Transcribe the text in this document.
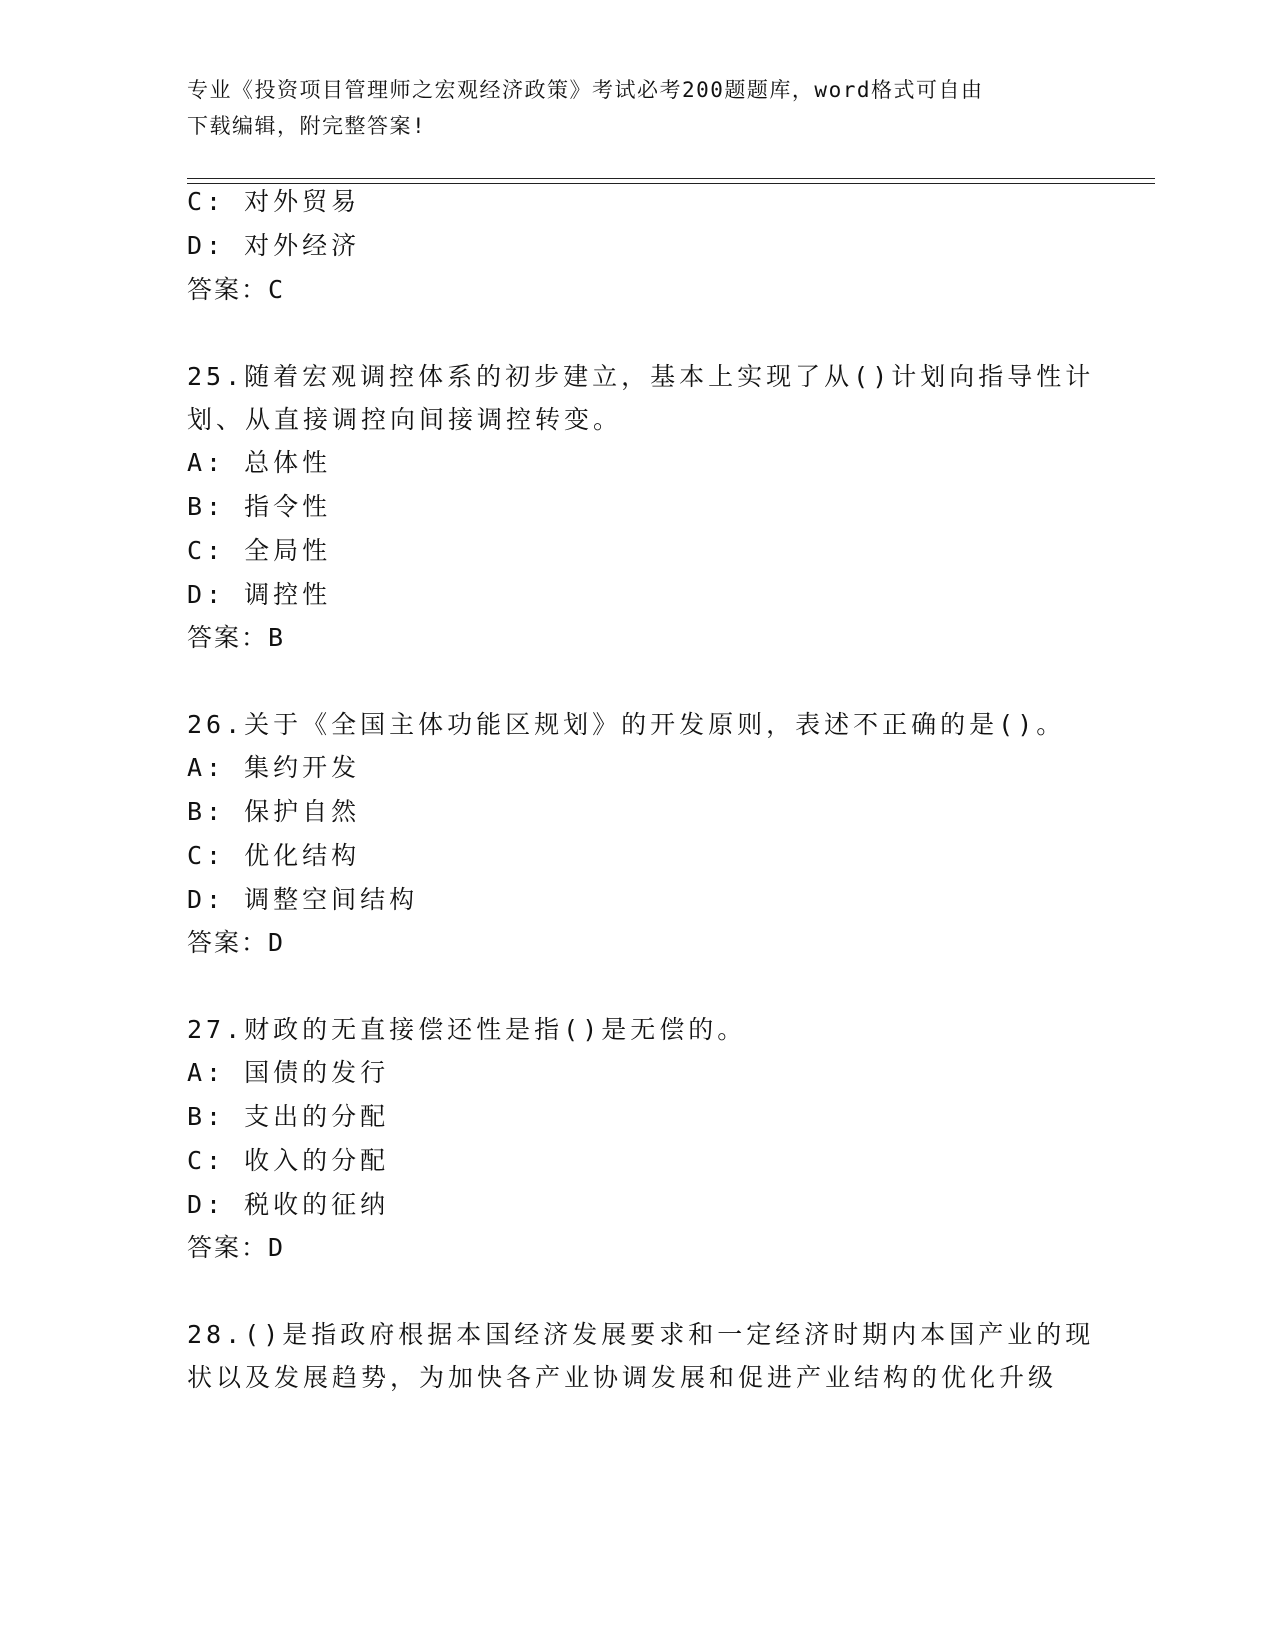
专业《投资项目管理师之宏观经济政策》考试必考200题题库，word格式可自由
下载编辑，附完整答案!
C: 对外贸易
D: 对外经济
答案：C
25.随着宏观调控体系的初步建立，基本上实现了从()计划向指导性计
划、从直接调控向间接调控转变。
A: 总体性
B: 指令性
C: 全局性
D: 调控性
答案：B
26.关于《全国主体功能区规划》的开发原则，表述不正确的是()。
A: 集约开发
B: 保护自然
C: 优化结构
D: 调整空间结构
答案：D
27.财政的无直接偿还性是指()是无偿的。
A: 国债的发行
B: 支出的分配
C: 收入的分配
D: 税收的征纳
答案：D
28.()是指政府根据本国经济发展要求和一定经济时期内本国产业的现
状以及发展趋势，为加快各产业协调发展和促进产业结构的优化升级
